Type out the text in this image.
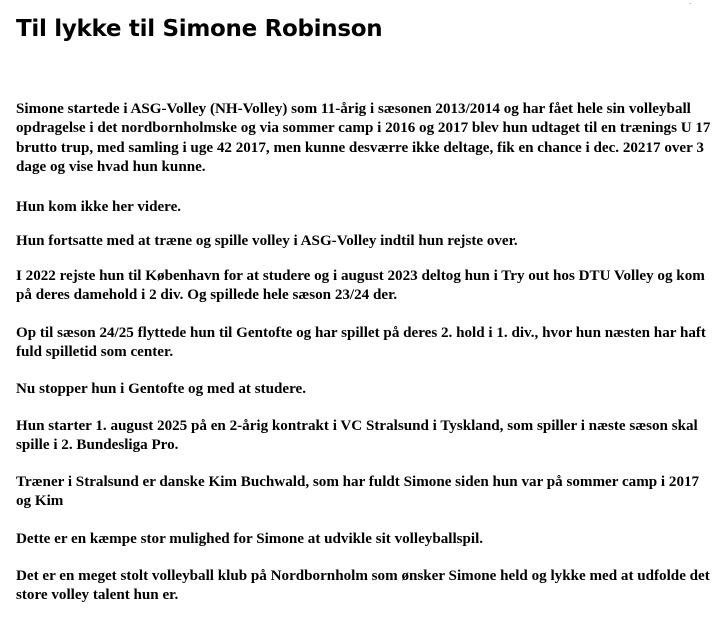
·
Til lykke til Simone Robinson

Simone startede i ASG-Volley (NH-Volley) som 11-årig i sæsonen 2013/2014 og har fået hele sin volleyball opdragelse i det nordbornholmske og via sommer camp i 2016 og 2017 blev hun udtaget til en trænings U 17 brutto trup, med samling i uge 42 2017, men kunne desværre ikke deltage, fik en chance i dec. 20217 over 3 dage og vise hvad hun kunne.

Hun kom ikke her videre.

Hun fortsatte med at træne og spille volley i ASG-Volley indtil hun rejste over.

I 2022 rejste hun til København for at studere og i august 2023 deltog hun i Try out hos DTU Volley og kom på deres damehold i 2 div. Og spillede hele sæson 23/24 der.

Op til sæson 24/25 flyttede hun til Gentofte og har spillet på deres 2. hold i 1. div., hvor hun næsten har haft fuld spilletid som center.

Nu stopper hun i Gentofte og med at studere.

Hun starter 1. august 2025 på en 2-årig kontrakt i VC Stralsund i Tyskland, som spiller i næste sæson skal spille i 2. Bundesliga Pro.

Træner i Stralsund er danske Kim Buchwald, som har fuldt Simone siden hun var på sommer camp i 2017 og Kim

Dette er en kæmpe stor mulighed for Simone at udvikle sit volleyballspil.

Det er en meget stolt volleyball klub på Nordbornholm som ønsker Simone held og lykke med at udfolde det store volley talent hun er.
